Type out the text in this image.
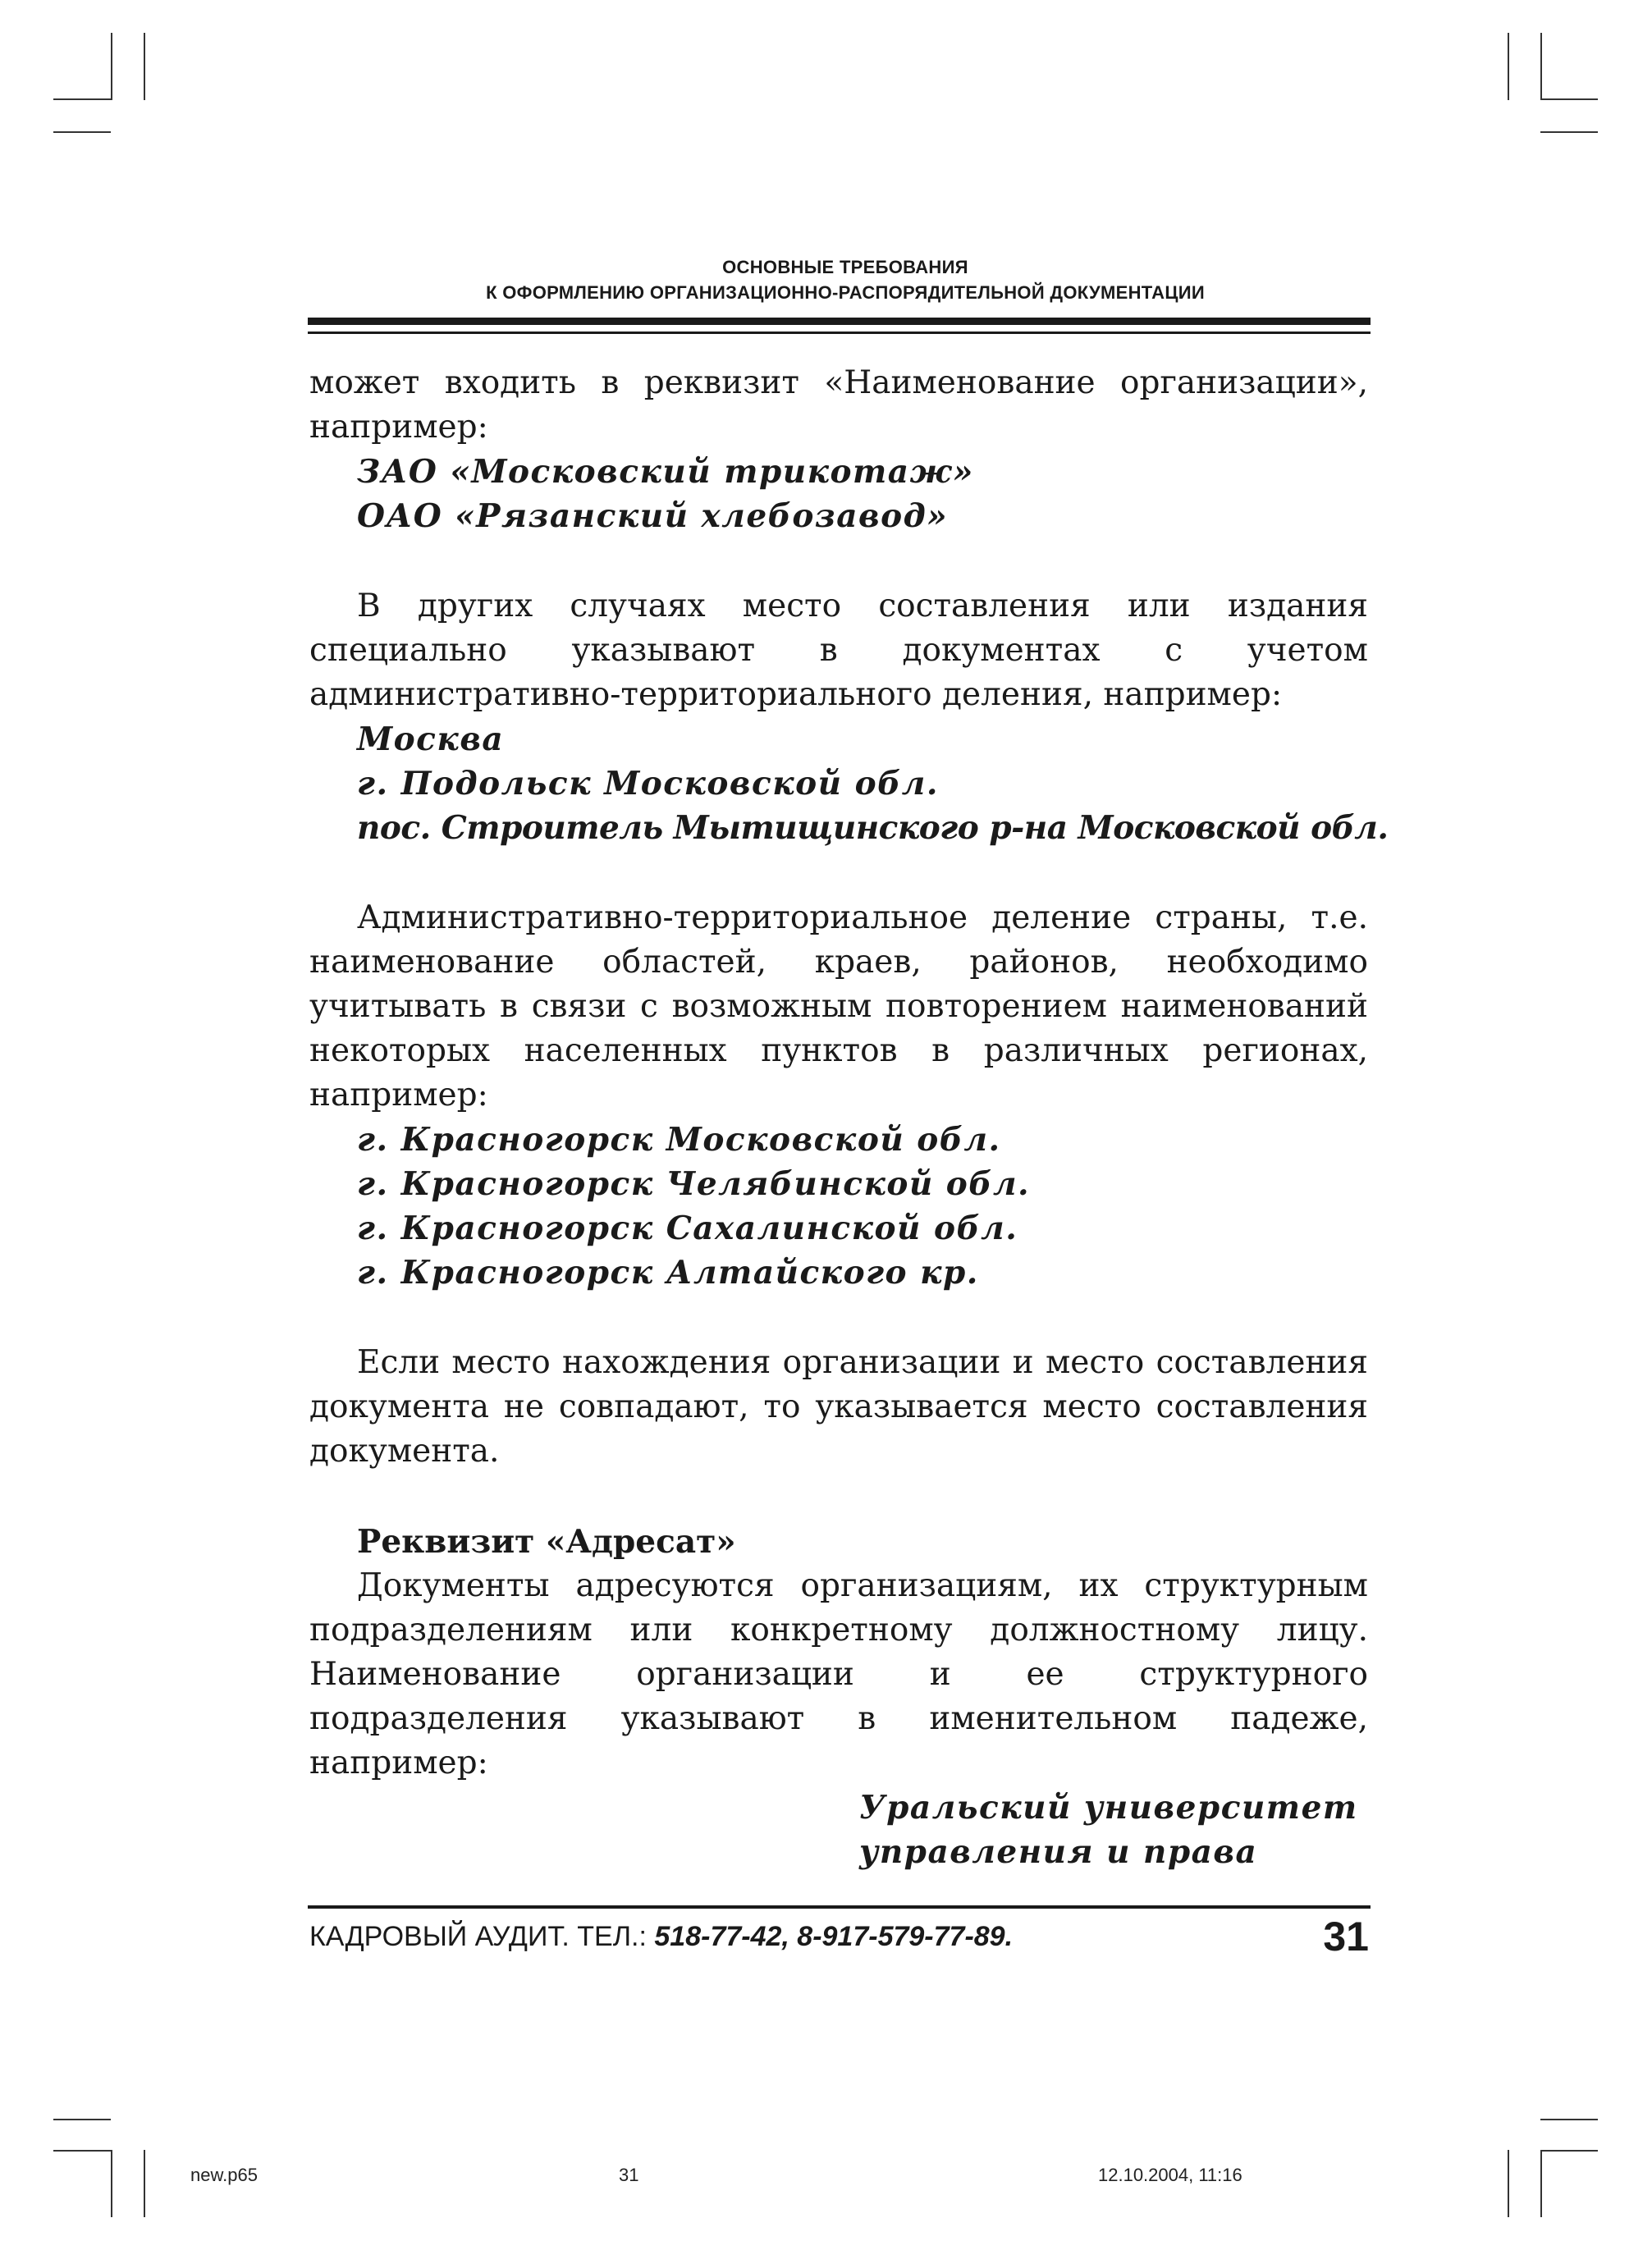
ОСНОВНЫЕ ТРЕБОВАНИЯ
К ОФОРМЛЕНИЮ ОРГАНИЗАЦИОННО-РАСПОРЯДИТЕЛЬНОЙ ДОКУМЕНТАЦИИ

может входить в реквизит «Наименование организации», например:

ЗАО «Московский трикотаж»

ОАО «Рязанский хлебозавод»

В других случаях место составления или издания специально указывают в документах с учетом административно-территориального деления, например:

Москва

г. Подольск Московской обл.

пос. Строитель Мытищинского р-на Московской обл.

Административно-территориальное деление страны, т.е. наименование областей, краев, районов, необходимо учитывать в связи с возможным повторением наименований некоторых населенных пунктов в различных регионах, например:

г. Красногорск Московской обл.

г. Красногорск Челябинской обл.

г. Красногорск Сахалинской обл.

г. Красногорск Алтайского кр.

Если место нахождения организации и место составления документа не совпадают, то указывается место составления документа.

Реквизит «Адресат»

Документы адресуются организациям, их структурным подразделениям или конкретному должностному лицу. Наименование организации и ее структурного подразделения указывают в именительном падеже, например:

Уральский университет

управления и права

КАДРОВЫЙ АУДИТ. ТЕЛ.: 518-77-42, 8-917-579-77-89.	31
new.p65	31	12.10.2004, 11:16
